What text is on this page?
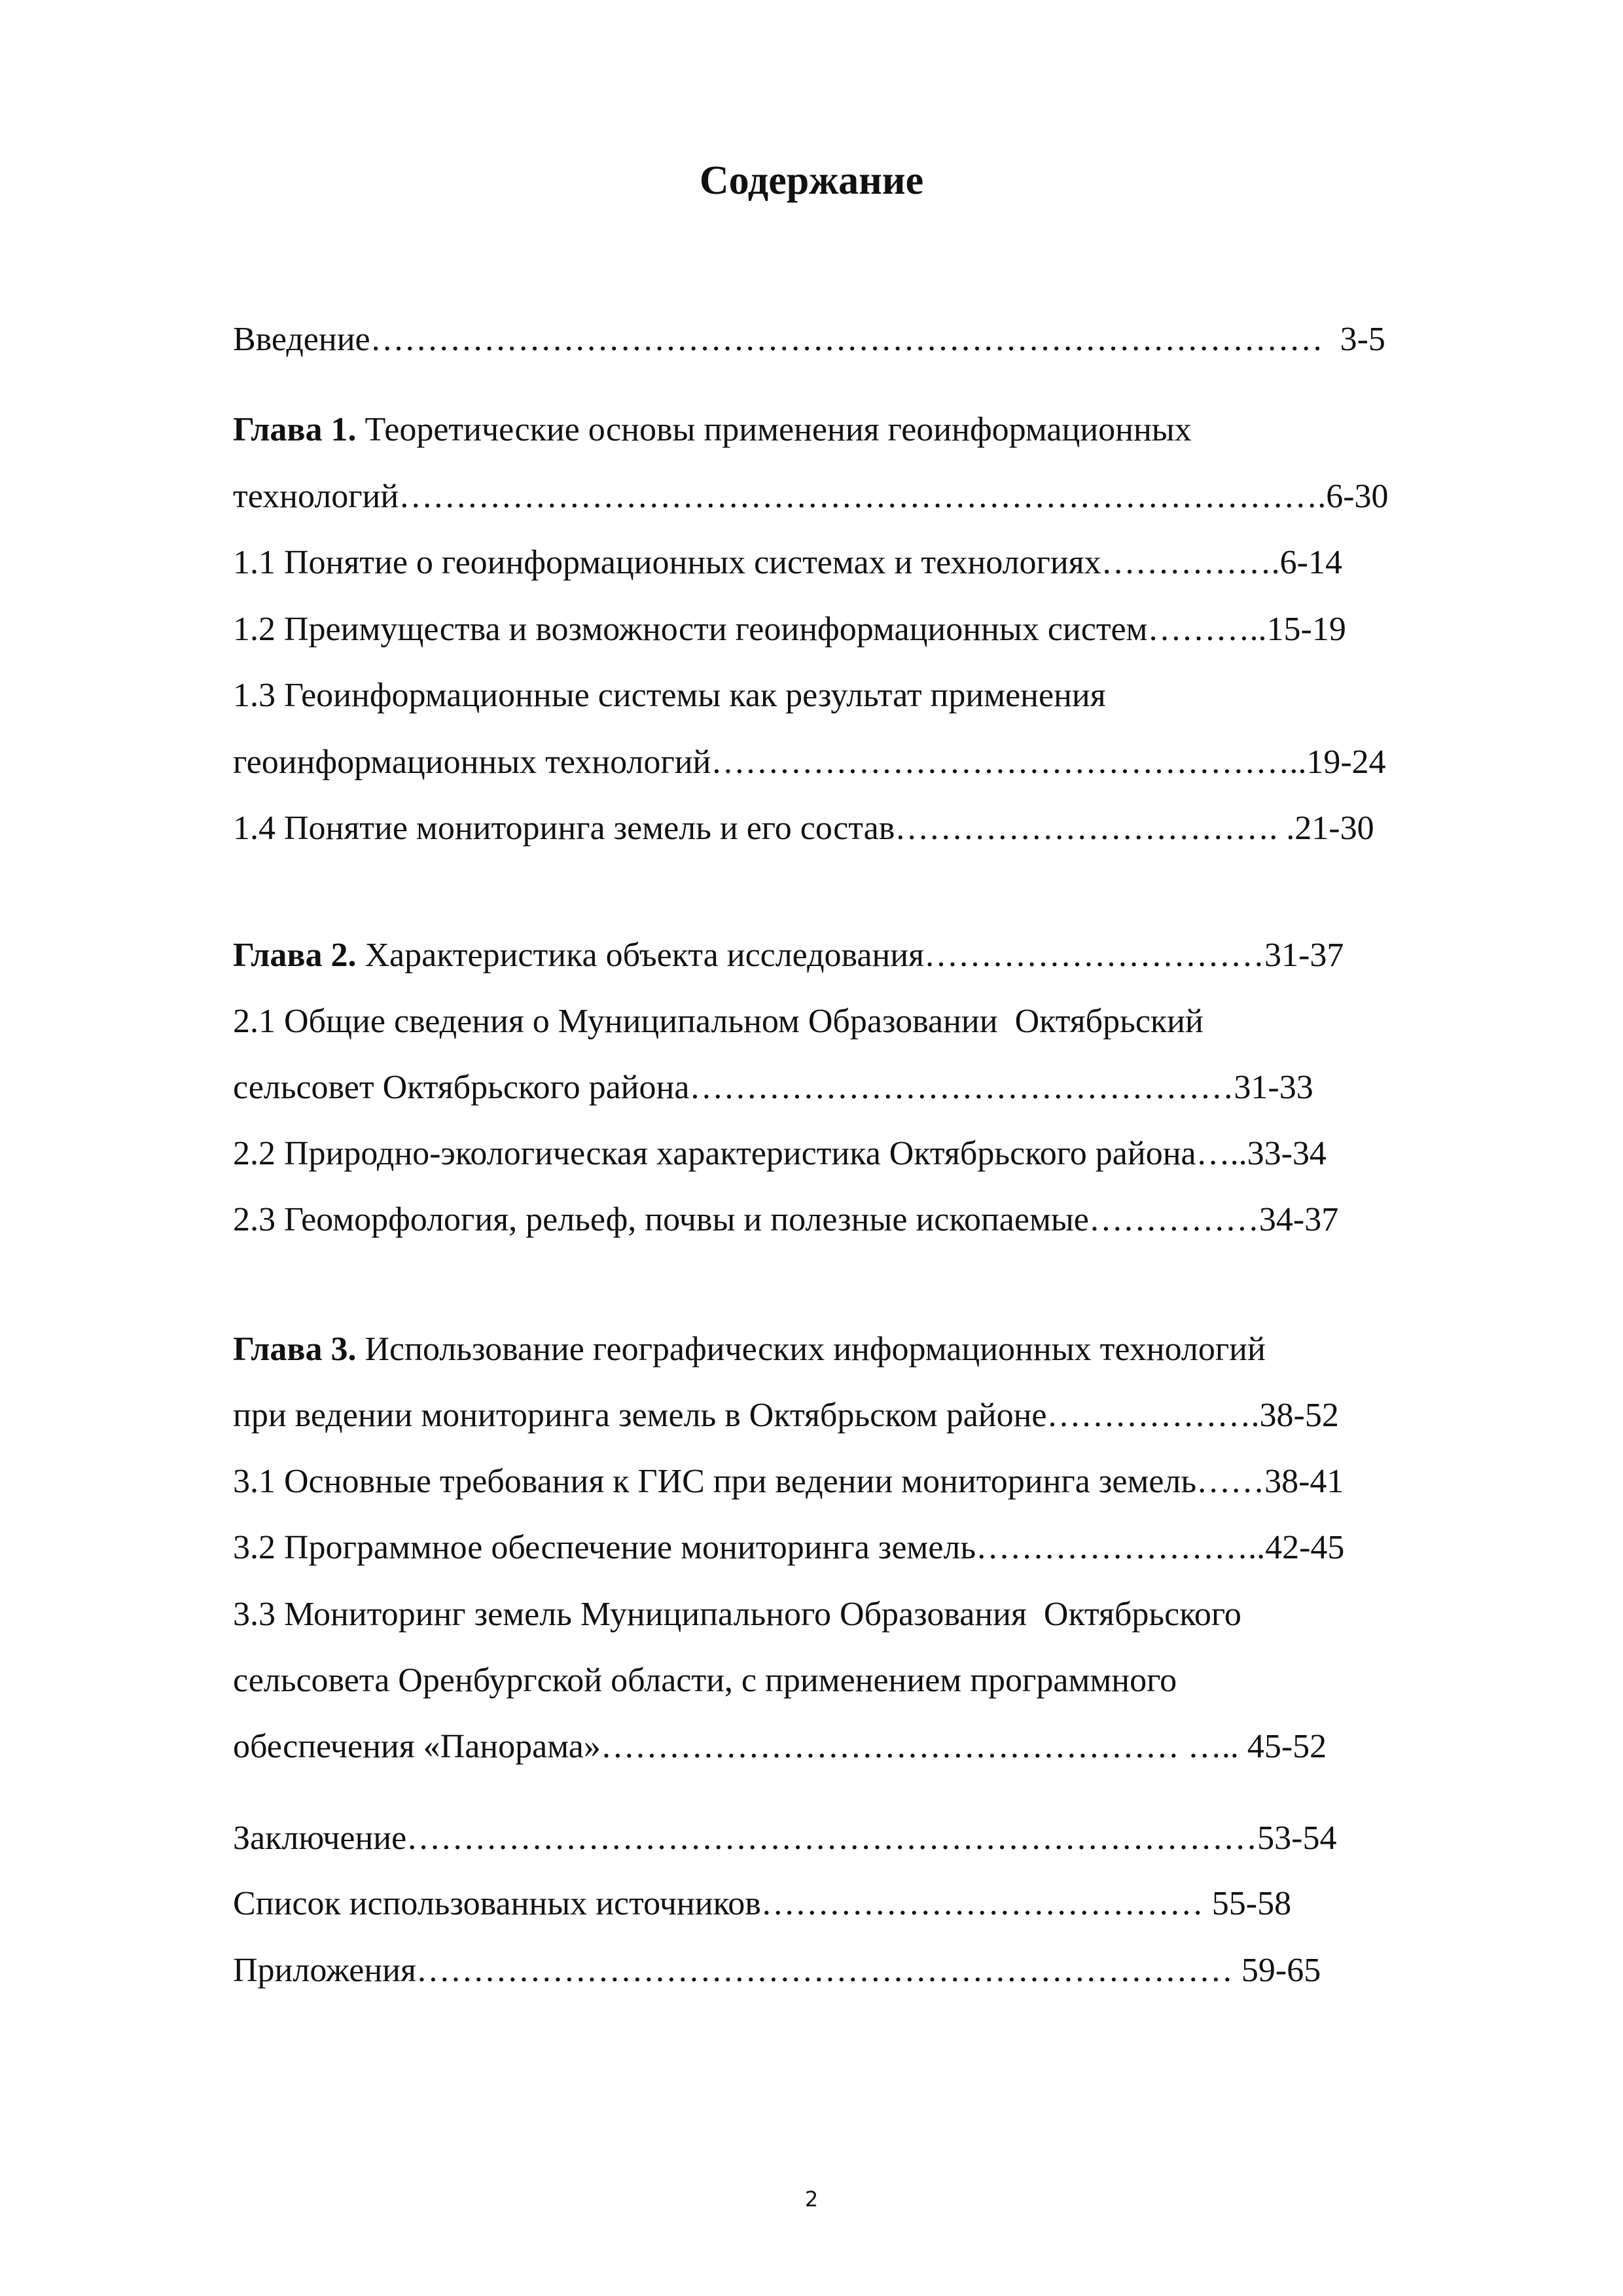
Содержание
Введение…………………………………………………………………………  3-5
Глава 1. Теоретические основы применения геоинформационных
технологий……………………………………………………………………….6-30
1.1 Понятие о геоинформационных системах и технологиях…………….6-14
1.2 Преимущества и возможности геоинформационных систем………..15-19
1.3 Геоинформационные системы как результат применения
геоинформационных технологий……………………………………………..19-24
1.4 Понятие мониторинга земель и его состав……………………………. .21-30
Глава 2. Характеристика объекта исследования…………………………31-37
2.1 Общие сведения о Муниципальном Образовании  Октябрьский
сельсовет Октябрьского района…………………………………………31-33
2.2 Природно-экологическая характеристика Октябрьского района…..33-34
2.3 Геоморфология, рельеф, почвы и полезные ископаемые……………34-37
Глава 3. Использование географических информационных технологий
при ведении мониторинга земель в Октябрьском районе……………….38-52
3.1 Основные требования к ГИС при ведении мониторинга земель……38-41
3.2 Программное обеспечение мониторинга земель……………………..42-45
3.3 Мониторинг земель Муниципального Образования  Октябрьского
сельсовета Оренбургской области, с применением программного
обеспечения «Панорама»…………………………………………… ….. 45-52
Заключение…………………………………………………………………53-54
Список использованных источников………………………………… 55-58
Приложения……………………………………………………………… 59-65
2
